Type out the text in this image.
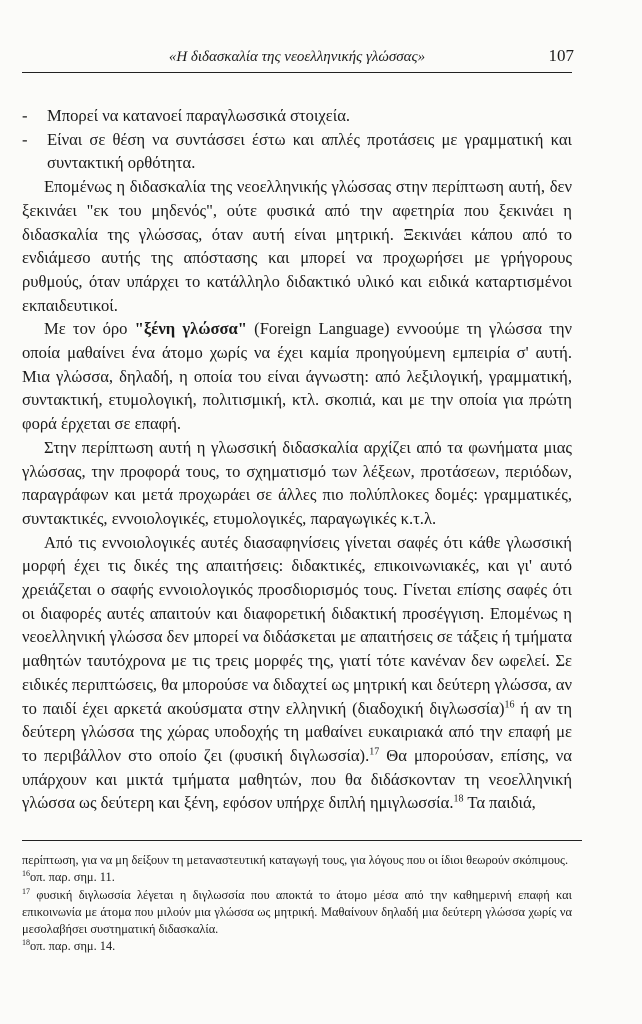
«Η διδασκαλία της νεοελληνικής γλώσσας»	107
-	Μπορεί να κατανοεί παραγλωσσικά στοιχεία.
-	Είναι σε θέση να συντάσσει έστω και απλές προτάσεις με γραμματική και συντακτική ορθότητα.

Επομένως η διδασκαλία της νεοελληνικής γλώσσας στην περίπτωση αυτή, δεν ξεκινάει "εκ του μηδενός", ούτε φυσικά από την αφετηρία που ξεκινάει η διδασκαλία της γλώσσας, όταν αυτή είναι μητρική. Ξεκινάει κάπου από το ενδιάμεσο αυτής της απόστασης και μπορεί να προχωρήσει με γρήγορους ρυθμούς, όταν υπάρχει το κατάλληλο διδακτικό υλικό και ειδικά καταρτισμένοι εκπαιδευτικοί.

Με τον όρο "ξένη γλώσσα" (Foreign Language) εννοούμε τη γλώσσα την οποία μαθαίνει ένα άτομο χωρίς να έχει καμία προηγούμενη εμπειρία σ' αυτή. Μια γλώσσα, δηλαδή, η οποία του είναι άγνωστη: από λεξιλογική, γραμματική, συντακτική, ετυμολογική, πολιτισμική, κτλ. σκοπιά, και με την οποία για πρώτη φορά έρχεται σε επαφή.

Στην περίπτωση αυτή η γλωσσική διδασκαλία αρχίζει από τα φωνήματα μιας γλώσσας, την προφορά τους, το σχηματισμό των λέξεων, προτάσεων, περιόδων, παραγράφων και μετά προχωράει σε άλλες πιο πολύπλοκες δομές: γραμματικές, συντακτικές, εννοιολογικές, ετυμολογικές, παραγωγικές κ.τ.λ.

Από τις εννοιολογικές αυτές διασαφηνίσεις γίνεται σαφές ότι κάθε γλωσσική μορφή έχει τις δικές της απαιτήσεις: διδακτικές, επικοινωνιακές, και γι' αυτό χρειάζεται ο σαφής εννοιολογικός προσδιορισμός τους. Γίνεται επίσης σαφές ότι οι διαφορές αυτές απαιτούν και διαφορετική διδακτική προσέγγιση. Επομένως η νεοελληνική γλώσσα δεν μπορεί να διδάσκεται με απαιτήσεις σε τάξεις ή τμήματα μαθητών ταυτόχρονα με τις τρεις μορφές της, γιατί τότε κανέναν δεν ωφελεί. Σε ειδικές περιπτώσεις, θα μπορούσε να διδαχτεί ως μητρική και δεύτερη γλώσσα, αν το παιδί έχει αρκετά ακούσματα στην ελληνική (διαδοχική διγλωσσία)$^{16}$ ή αν τη δεύτερη γλώσσα της χώρας υποδοχής τη μαθαίνει ευκαιριακά από την επαφή με το περιβάλλον στο οποίο ζει (φυσική διγλωσσία).$^{17}$ Θα μπορούσαν, επίσης, να υπάρχουν και μικτά τμήματα μαθητών, που θα διδάσκονταν τη νεοελληνική γλώσσα ως δεύτερη και ξένη, εφόσον υπήρχε διπλή ημιγλωσσία.$^{18}$ Τα παιδιά,

περίπτωση, για να μη δείξουν τη μεταναστευτική καταγωγή τους, για λόγους που οι ίδιοι θεωρούν σκόπιμους.

$^{16}$οπ. παρ. σημ. 11.

$^{17}$ φυσική διγλωσσία λέγεται η διγλωσσία που αποκτά το άτομο μέσα από την καθημερινή επαφή και επικοινωνία με άτομα που μιλούν μια γλώσσα ως μητρική. Μαθαίνουν δηλαδή μια δεύτερη γλώσσα χωρίς να μεσολαβήσει συστηματική διδασκαλία.

$^{18}$οπ. παρ. σημ. 14.
